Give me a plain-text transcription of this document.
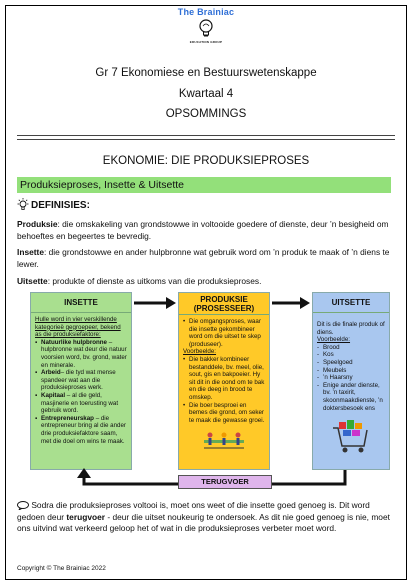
The Brainiac
EDUCATION GROUP
Gr 7 Ekonomiese en Bestuurswetenskappe
Kwartaal 4
OPSOMMINGS
EKONOMIE: DIE PRODUKSIEPROSES
Produksieproses, Insette & Uitsette
DEFINISIES:
Produksie: die omskakeling van grondstowwe in voltooide goedere of dienste, deur ’n besigheid om behoeftes en begeertes te bevredig.
Insette: die grondstowwe en ander hulpbronne wat gebruik word om ’n produk te maak of ’n diens te lewer.
Uitsette: produkte of dienste as uitkoms van die produksieproses.
INSETTE
Hulle word in vier verskillende kategorieë gegroepeer, bekend as die produksiefaktore:
▪ Natuurlike hulpbronne – hulpbronne wat deur die natuur voorsien word, bv. grond, water en minerale.
▪ Arbeid– die tyd wat mense spandeer wat aan die produksieproses werk.
▪ Kapitaal – al die geld, masjinerie en toerusting wat gebruik word.
▪ Entrepreneurskap – die entrepreneur bring al die ander drie produksiefaktore saam, met die doel om wins te maak.
PRODUKSIE
(PROSESSEER)
• Die omgangsproses, waar die insette gekombineer word om die uitset te skep (produseer).
Voorbeelde:
• Die bakker kombineer bestanddele, bv. meel, olie, sout, gis en bakpoeier. Hy sit dit in die oond om te bak en die deeg in brood te omskep.
• Die boer besproei en bemes die grond, om seker te maak die gewasse groei.
UITSETTE
Dit is die finale produk of diens.
Voorbeelde:
- Brood
- Kos
- Speelgoed
- Meubels
- ’n Haarsny
- Enige ander dienste, bv. ’n taxirit, skoonmaakdienste, ’n doktersbesoek ens
TERUGVOER
Sodra die produksieproses voltooi is, moet ons weet of die insette goed genoeg is. Dit word gedoen deur terugvoer - deur die uitset noukeurig te ondersoek. As dit nie goed genoeg is nie, moet ons uitvind wat verkeerd geloop het of wat in die produksieproses verbeter moet word.
Copyright © The Brainiac 2022
